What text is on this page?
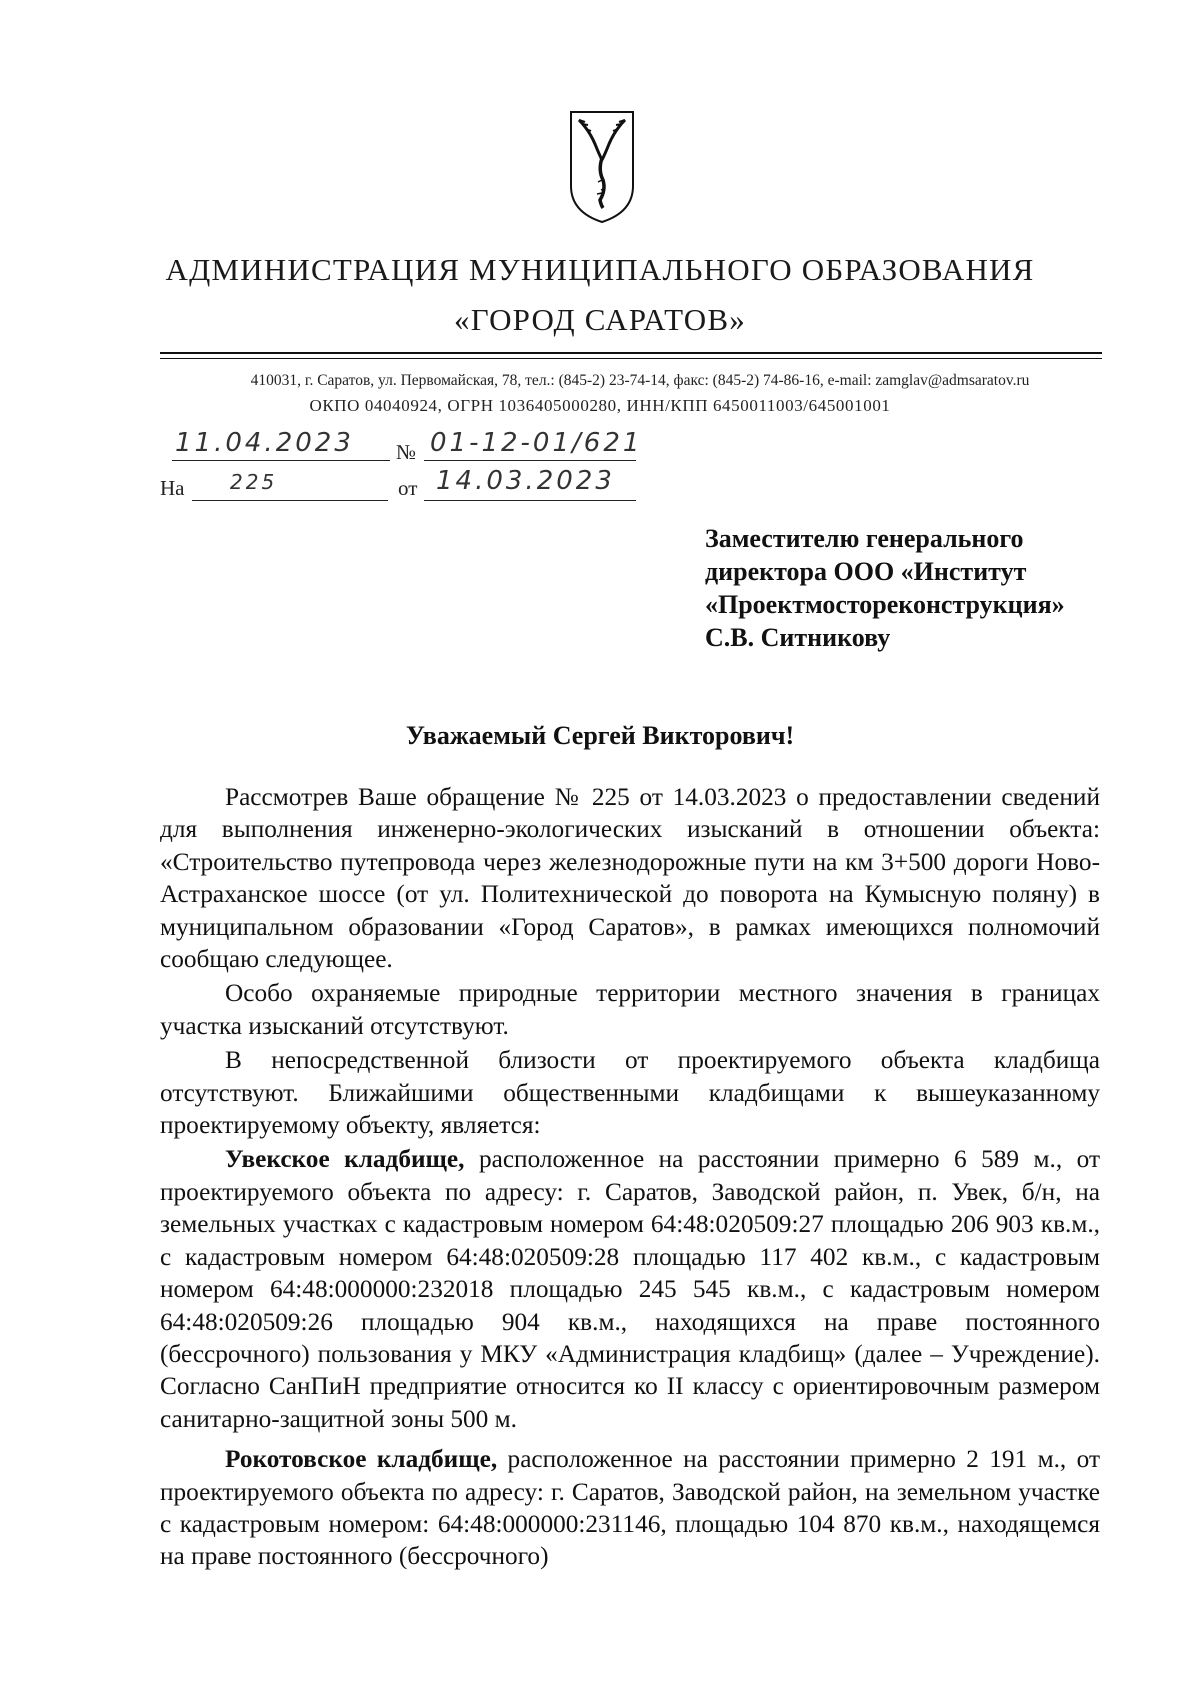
АДМИНИСТРАЦИЯ МУНИЦИПАЛЬНОГО ОБРАЗОВАНИЯ
«ГОРОД САРАТОВ»
410031, г. Саратов, ул. Первомайская, 78, тел.: (845-2) 23-74-14, факс: (845-2) 74-86-16, e-mail: zamglav@admsaratov.ru
ОКПО 04040924, ОГРН 1036405000280, ИНН/КПП 6450011003/645001001
11.04.2023 № 01-12-01/621
На 225	от 14.03.2023
Заместителю генерального
директора ООО «Институт
«Проектмостореконструкция»
С.В. Ситникову
Уважаемый Сергей Викторович!

Рассмотрев Ваше обращение № 225 от 14.03.2023 о предоставлении сведений для выполнения инженерно-экологических изысканий в отношении объекта: «Строительство путепровода через железнодорожные пути на км 3+500 дороги Ново-Астраханское шоссе (от ул. Политехнической до поворота на Кумысную поляну) в муниципальном образовании «Город Саратов», в рамках имеющихся полномочий сообщаю следующее.

Особо охраняемые природные территории местного значения в границах участка изысканий отсутствуют.

В непосредственной близости от проектируемого объекта кладбища отсутствуют. Ближайшими общественными кладбищами к вышеуказанному проектируемому объекту, является:

Увекское кладбище, расположенное на расстоянии примерно 6 589 м., от проектируемого объекта по адресу: г. Саратов, Заводской район, п. Увек, б/н, на земельных участках с кадастровым номером 64:48:020509:27 площадью 206 903 кв.м., с кадастровым номером 64:48:020509:28 площадью 117 402 кв.м., с кадастровым номером 64:48:000000:232018 площадью 245 545 кв.м., с кадастровым номером 64:48:020509:26 площадью 904 кв.м., находящихся на праве постоянного (бессрочного) пользования у МКУ «Администрация кладбищ» (далее – Учреждение). Согласно СанПиН предприятие относится ко II классу с ориентировочным размером санитарно-защитной зоны 500 м.

Рокотовское кладбище, расположенное на расстоянии примерно 2 191 м., от проектируемого объекта по адресу: г. Саратов, Заводской район, на земельном участке с кадастровым номером: 64:48:000000:231146, площадью 104 870 кв.м., находящемся на праве постоянного (бессрочного)
